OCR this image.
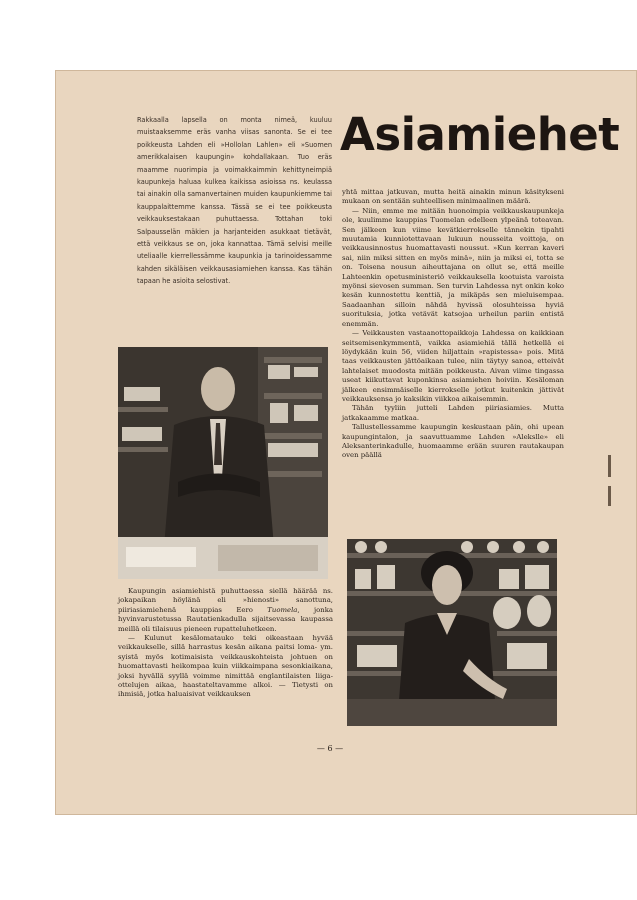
Rakkaalla lapsella on monta nimeä, kuuluu muistaaksemme eräs vanha viisas sanonta. Se ei tee poikkeusta Lahden eli »Hollolan Lahlen» eli »Suomen amerikkalaisen kaupungin» kohdallakaan. Tuo eräs maamme nuorimpia ja voimakkaimmin kehittyneimpiä kaupunkeja haluaa kulkea kaikissa asioissa ns. keulassa tai ainakin olla samanvertainen muiden kaupunkiemme tai kauppalaittemme kanssa. Tässä se ei tee poikkeusta veikkauksestakaan puhuttaessa. Tottahan toki Salpausselän mäkien ja harjanteiden asukkaat tietävät, että veikkaus se on, joka kannattaa. Tämä selvisi meille uteliaalle kierrellessämme kaupunkia ja tarinoidessamme kahden sikäläisen veikkausasiamiehen kanssa. Kas tähän tapaan he asioita selostivat.

Asiamiehet

Kaupungin asiamiehistä puhuttaessa siellä häärää ns. jokapaikan höylänä eli »hienosti» sanottuna, piiriasiamiehenä kauppias Eero Tuomela, jonka hyvinvarustetussa Rautatienkadulla sijaitsevassa kaupassa meillä oli tilaisuus pieneen rupatteluhetkeen.

— Kulunut kesälomatauko teki oikeastaan hyvää veikkaukselle, sillä harrastus kesän aikana paitsi loma- ym. syistä myös kotimaisista veikkauskohteista johtuen on huomattavasti heikompaa kuin viikkaimpana sesonkiaikana, joksi hyvällä syyllä voimme nimittää englantilaisten liiga-ottelujen aikaa, haastateltavamme alkoi. — Tietysti on ihmisiä, jotka haluaisivat veikkauksen

yhtä mittaa jatkuvan, mutta heitä ainakin minun käsitykseni mukaan on sentään suhteellisen minimaalinen määrä.

— Niin, emme me mitään huonoimpia veikkauskaupunkeja ole, kuulimme kauppias Tuomelan edelleen ylpeänä toteavan. Sen jälkeen kun viime kevätkierrokselle tännekin tipahti muutamia kunniotettavaan lukuun nousseita voittoja, on veikkausinnostus huomattavasti noussut. »Kun kerran kaveri sai, niin miksi sitten en myös minä», niin ja miksi ei, totta se on. Toisena nousun aiheuttajana on ollut se, että meille Lahteenkin opetusministeriö veikkauksella kootuista varoista myönsi sievosen summan. Sen turvin Lahdessa nyt onkin koko kesän kunnostettu kenttiä, ja mikäpäs sen mieluisempaa. Saadaanhan silloin nähdä hyvissä olosuhteissa hyviä suorituksia, jotka vetävät katsojaa urheilun pariin entistä enemmän.

— Veikkausten vastaanottopaikkoja Lahdessa on kaikkiaan seitsemisenkymmentä, vaikka asiamiehiä tällä hetkellä ei löydykään kuin 56, viiden hiljattain »rapistessa» pois. Mitä taas veikkausten jättöaikaan tulee, niin täytyy sanoa, etteivät lahtelaiset muodosta mitään poikkeusta. Aivan viime tingassa useat kiikuttavat kuponkinsa asiamiehen hoiviin. Kesäloman jälkeen ensimmäiselle kierrokselle jotkut kuitenkin jättivät veikkauksensa jo kaksikin viikkoa aikaisemmin.

Tähän tyyliin jutteli Lahden piiriasiamies. Mutta jatkakaamme matkaa.

Tallustellessamme kaupungin keskustaan päin, ohi upean kaupungintalon, ja saavuttuamme Lahden »Alekslle» eli Aleksanterinkadulle, huomaamme erään suuren rautakaupan oven päällä

— 6 —
